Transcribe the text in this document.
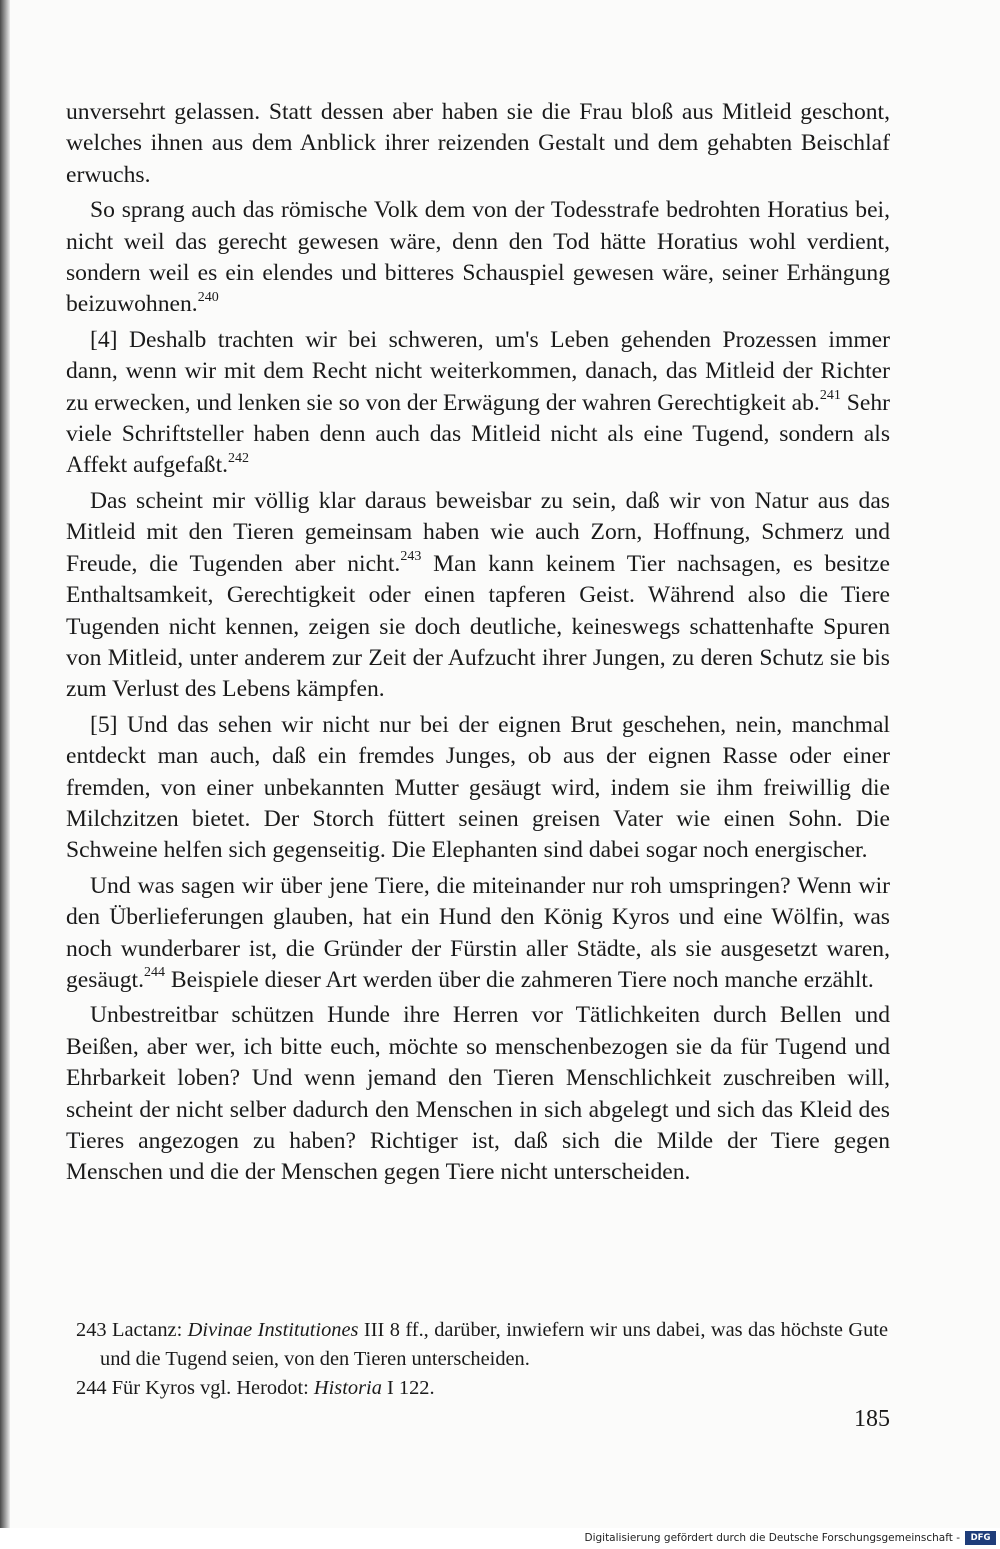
unversehrt gelassen. Statt dessen aber haben sie die Frau bloß aus Mitleid geschont, welches ihnen aus dem Anblick ihrer reizenden Gestalt und dem gehabten Beischlaf erwuchs.

So sprang auch das römische Volk dem von der Todesstrafe bedrohten Horatius bei, nicht weil das gerecht gewesen wäre, denn den Tod hätte Horatius wohl verdient, sondern weil es ein elendes und bitteres Schauspiel gewesen wäre, seiner Erhängung beizuwohnen.$^{240}$

[4] Deshalb trachten wir bei schweren, um's Leben gehenden Prozessen immer dann, wenn wir mit dem Recht nicht weiterkommen, danach, das Mitleid der Richter zu erwecken, und lenken sie so von der Erwägung der wahren Gerechtigkeit ab.$^{241}$ Sehr viele Schriftsteller haben denn auch das Mitleid nicht als eine Tugend, sondern als Affekt aufgefaßt.$^{242}$

Das scheint mir völlig klar daraus beweisbar zu sein, daß wir von Natur aus das Mitleid mit den Tieren gemeinsam haben wie auch Zorn, Hoffnung, Schmerz und Freude, die Tugenden aber nicht.$^{243}$ Man kann keinem Tier nachsagen, es besitze Enthaltsamkeit, Gerechtigkeit oder einen tapferen Geist. Während also die Tiere Tugenden nicht kennen, zeigen sie doch deutliche, keineswegs schattenhafte Spuren von Mitleid, unter anderem zur Zeit der Aufzucht ihrer Jungen, zu deren Schutz sie bis zum Verlust des Lebens kämpfen.

[5] Und das sehen wir nicht nur bei der eignen Brut geschehen, nein, manchmal entdeckt man auch, daß ein fremdes Junges, ob aus der eignen Rasse oder einer fremden, von einer unbekannten Mutter gesäugt wird, indem sie ihm freiwillig die Milchzitzen bietet. Der Storch füttert seinen greisen Vater wie einen Sohn. Die Schweine helfen sich gegenseitig. Die Elephanten sind dabei sogar noch energischer.

Und was sagen wir über jene Tiere, die miteinander nur roh umspringen? Wenn wir den Überlieferungen glauben, hat ein Hund den König Kyros und eine Wölfin, was noch wunderbarer ist, die Gründer der Fürstin aller Städte, als sie ausgesetzt waren, gesäugt.$^{244}$ Beispiele dieser Art werden über die zahmeren Tiere noch manche erzählt.

Unbestreitbar schützen Hunde ihre Herren vor Tätlichkeiten durch Bellen und Beißen, aber wer, ich bitte euch, möchte so menschenbezogen sie da für Tugend und Ehrbarkeit loben? Und wenn jemand den Tieren Menschlichkeit zuschreiben will, scheint der nicht selber dadurch den Menschen in sich abgelegt und sich das Kleid des Tieres angezogen zu haben? Richtiger ist, daß sich die Milde der Tiere gegen Menschen und die der Menschen gegen Tiere nicht unterscheiden.

243 Lactanz: Divinae Institutiones III 8 ff., darüber, inwiefern wir uns dabei, was das höchste Gute und die Tugend seien, von den Tieren unterscheiden.
244 Für Kyros vgl. Herodot: Historia I 122.
185
Digitalisierung gefördert durch die Deutsche Forschungsgemeinschaft -	DFG
